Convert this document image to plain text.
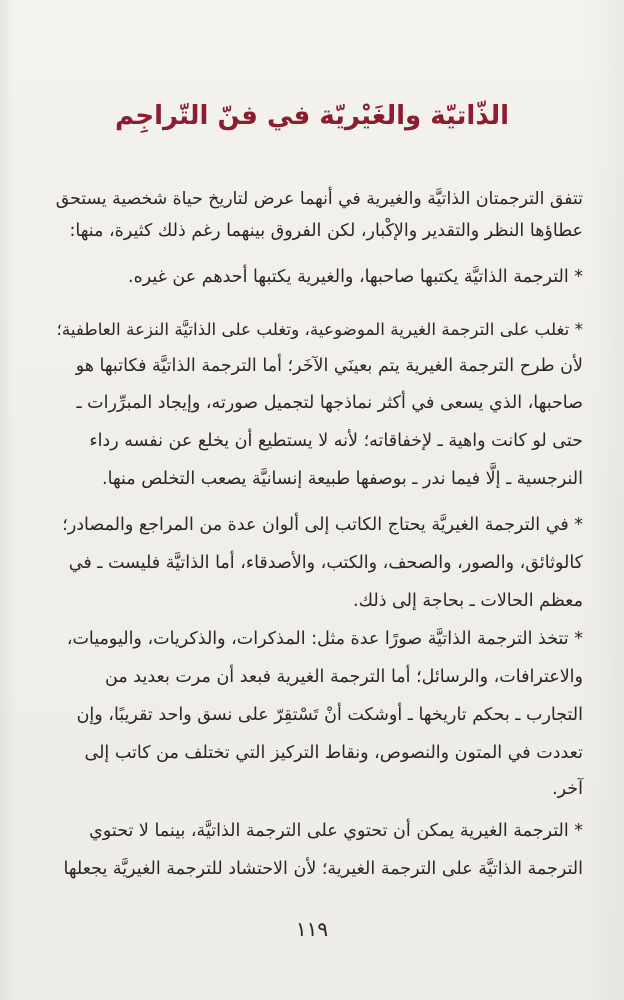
الذّاتيّة والغَيْريّة في فنّ التّراجِم
تتفق الترجمتان الذاتيَّة والغيرية في أنهما عرض لتاريخ حياة شخصية يستحق
عطاؤها النظر والتقدير والإكْبار، لكن الفروق بينهما رغم ذلك كثيرة، منها:
* الترجمة الذاتيَّة يكتبها صاحبها، والغيرية يكتبها أحدهم عن غيره.
* تغلب على الترجمة الغيرية الموضوعية، وتغلب على الذاتيَّة النزعة العاطفية؛
لأن طرح الترجمة الغيرية يتم بعينَي الآخَر؛ أما الترجمة الذاتيَّة فكاتبها هو
صاحبها، الذي يسعى في أكثر نماذجها لتجميل صورته، وإيجاد المبرِّرات ـ
حتى لو كانت واهية ـ لإخفاقاته؛ لأنه لا يستطيع أن يخلع عن نفسه رداء
النرجسية ـ إلَّا فيما ندر ـ بوصفها طبيعة إنسانيَّة يصعب التخلص منها.
* في الترجمة الغيريَّة يحتاج الكاتب إلى ألوان عدة من المراجع والمصادر؛
كالوثائق، والصور، والصحف، والكتب، والأصدقاء، أما الذاتيَّة فليست ـ في
معظم الحالات ـ بحاجة إلى ذلك.
* تتخذ الترجمة الذاتيَّة صورًا عدة مثل: المذكرات، والذكريات، واليوميات،
والاعترافات، والرسائل؛ أما الترجمة الغيرية فبعد أن مرت بعديد من
التجارب ـ بحكم تاريخها ـ أوشكت أنْ تَسْتقِرّ على نسق واحد تقريبًا، وإن
تعددت في المتون والنصوص، ونقاط التركيز التي تختلف من كاتب إلى
آخر.
* الترجمة الغيرية يمكن أن تحتوي على الترجمة الذاتيَّة، بينما لا تحتوي
الترجمة الذاتيَّة على الترجمة الغيرية؛ لأن الاحتشاد للترجمة الغيريَّة يجعلها
١١٩
